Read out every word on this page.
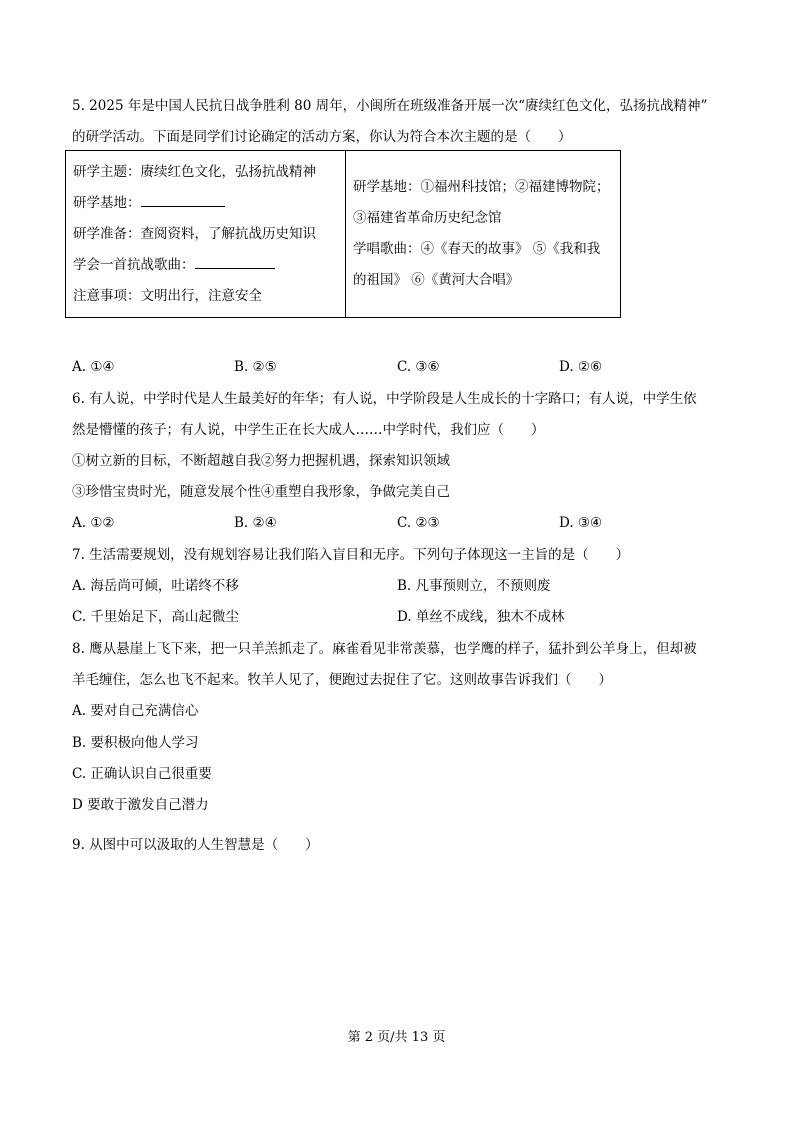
5. 2025 年是中国人民抗日战争胜利 80 周年，小闽所在班级准备开展一次“赓续红色文化，弘扬抗战精神”
的研学活动。下面是同学们讨论确定的活动方案，你认为符合本次主题的是（　　）
研学主题：赓续红色文化，弘扬抗战精神
研学基地：
研学准备：查阅资料，了解抗战历史知识
学会一首抗战歌曲：
注意事项：文明出行，注意安全

研学基地：①福州科技馆；②福建博物院；
③福建省革命历史纪念馆
学唱歌曲：④《春天的故事》 ⑤《我和我
的祖国》 ⑥《黄河大合唱》
A. ①④	B. ②⑤	C. ③⑥	D. ②⑥
6. 有人说，中学时代是人生最美好的年华；有人说，中学阶段是人生成长的十字路口；有人说，中学生依
然是懵懂的孩子；有人说，中学生正在长大成人……中学时代，我们应（　　）
①树立新的目标，不断超越自我②努力把握机遇，探索知识领域
③珍惜宝贵时光，随意发展个性④重塑自我形象，争做完美自己
A. ①②	B. ②④	C. ②③	D. ③④
7. 生活需要规划，没有规划容易让我们陷入盲目和无序。下列句子体现这一主旨的是（　　）
A. 海岳尚可倾，吐诺终不移	B. 凡事预则立，不预则废
C. 千里始足下，高山起微尘	D. 单丝不成线，独木不成林
8. 鹰从悬崖上飞下来，把一只羊羔抓走了。麻雀看见非常羡慕，也学鹰的样子，猛扑到公羊身上，但却被
羊毛缠住，怎么也飞不起来。牧羊人见了，便跑过去捉住了它。这则故事告诉我们（　　）
A. 要对自己充满信心
B. 要积极向他人学习
C. 正确认识自己很重要
D 要敢于激发自己潜力
9. 从图中可以汲取的人生智慧是（　　）
第 2 页/共 13 页
